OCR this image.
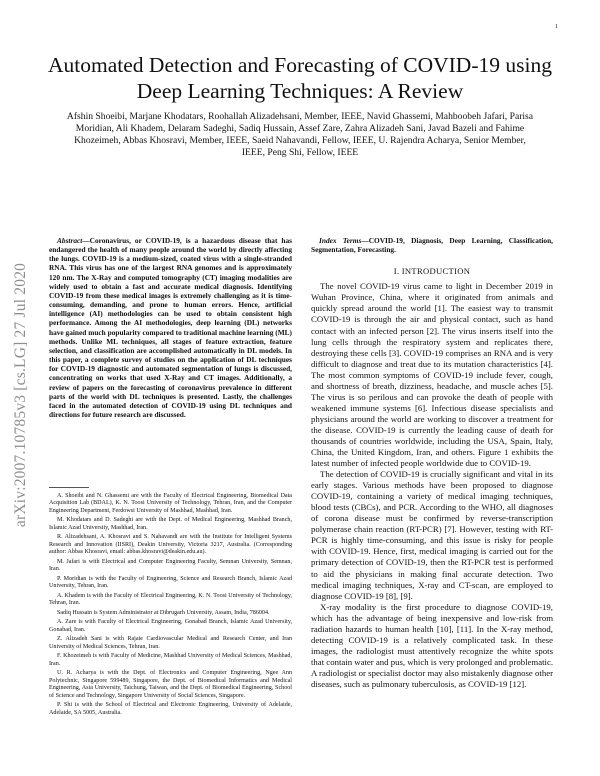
1
arXiv:2007.10785v3 [cs.LG] 27 Jul 2020
Automated Detection and Forecasting of COVID-19 using Deep Learning Techniques: A Review
Afshin Shoeibi, Marjane Khodatars, Roohallah Alizadehsani, Member, IEEE, Navid Ghassemi, Mahboobeh Jafari, Parisa Moridian, Ali Khadem, Delaram Sadeghi, Sadiq Hussain, Assef Zare, Zahra Alizadeh Sani, Javad Bazeli and Fahime Khozeimeh, Abbas Khosravi, Member, IEEE, Saeid Nahavandi, Fellow, IEEE, U. Rajendra Acharya, Senior Member, IEEE, Peng Shi, Fellow, IEEE

Abstract—Coronavirus, or COVID-19, is a hazardous disease that has endangered the health of many people around the world by directly affecting the lungs. COVID-19 is a medium-sized, coated virus with a single-stranded RNA. This virus has one of the largest RNA genomes and is approximately 120 nm. The X-Ray and computed tomography (CT) imaging modalities are widely used to obtain a fast and accurate medical diagnosis. Identifying COVID-19 from these medical images is extremely challenging as it is time-consuming, demanding, and prone to human errors. Hence, artificial intelligence (AI) methodologies can be used to obtain consistent high performance. Among the AI methodologies, deep learning (DL) networks have gained much popularity compared to traditional machine learning (ML) methods. Unlike ML techniques, all stages of feature extraction, feature selection, and classification are accomplished automatically in DL models. In this paper, a complete survey of studies on the application of DL techniques for COVID-19 diagnostic and automated segmentation of lungs is discussed, concentrating on works that used X-Ray and CT images. Additionally, a review of papers on the forecasting of coronavirus prevalence in different parts of the world with DL techniques is presented. Lastly, the challenges faced in the automated detection of COVID-19 using DL techniques and directions for future research are discussed.

A. Shoeibi and N. Ghassemi are with the Faculty of Electrical Engineering, Biomedical Data Acquisition Lab (BDAL), K. N. Toosi University of Technology, Tehran, Iran, and the Computer Engineering Department, Ferdowsi University of Mashhad, Mashhad, Iran.

M. Khodatars and D. Sadeghi are with the Dept. of Medical Engineering, Mashhad Branch, Islamic Azad University, Mashhad, Iran.

R. Alizadehsani, A. Khosravi and S. Nahavandi are with the Institute for Intelligent Systems Research and Innovation (IISRI), Deakin University, Victoria 3217, Australia. (Corresponding author: Abbas Khosravi, email: abbas.khosravi@deakin.edu.au).

M. Jafari is with Electrical and Computer Engineering Faculty, Semnan University, Semnan, Iran.

P. Moridian is with the Faculty of Engineering, Science and Research Branch, Islamic Azad University, Tehran, Iran.

A. Khadem is with the Faculty of Electrical Engineering, K. N. Toosi University of Technology, Tehran, Iran.

Sadiq Hussain is System Administrator at Dibrugarh University, Assam, India, 786004.

A. Zare is with Faculty of Electrical Engineering, Gonabad Branch, Islamic Azad University, Gonabad, Iran.

Z. Alizadeh Sani is with Rajaie Cardiovascular Medical and Research Center, and Iran University of Medical Sciences, Tehran, Iran.

F. Khozeimeh is with Faculty of Medicine, Mashhad University of Medical Sciences, Mashhad, Iran.

U. R. Acharya is with the Dept. of Electronics and Computer Engineering, Ngee Ann Polytechnic, Singapore 599489, Singapore, the Dept. of Biomedical Informatics and Medical Engineering, Asia University, Taichung, Taiwan, and the Dept. of Biomedical Engineering, School of Science and Technology, Singapore University of Social Sciences, Singapore.

P. Shi is with the School of Electrical and Electronic Engineering, University of Adelaide, Adelaide, SA 5005, Australia.

Index Terms—COVID-19, Diagnosis, Deep Learning, Classification, Segmentation, Forecasting.

I. INTRODUCTION

The novel COVID-19 virus came to light in December 2019 in Wuhan Province, China, where it originated from animals and quickly spread around the world [1]. The easiest way to transmit COVID-19 is through the air and physical contact, such as hand contact with an infected person [2]. The virus inserts itself into the lung cells through the respiratory system and replicates there, destroying these cells [3]. COVID-19 comprises an RNA and is very difficult to diagnose and treat due to its mutation characteristics [4]. The most common symptoms of COVID-19 include fever, cough, and shortness of breath, dizziness, headache, and muscle aches [5]. The virus is so perilous and can provoke the death of people with weakened immune systems [6]. Infectious disease specialists and physicians around the world are working to discover a treatment for the disease. COVID-19 is currently the leading cause of death for thousands of countries worldwide, including the USA, Spain, Italy, China, the United Kingdom, Iran, and others. Figure 1 exhibits the latest number of infected people worldwide due to COVID-19.

The detection of COVID-19 is crucially significant and vital in its early stages. Various methods have been proposed to diagnose COVID-19, containing a variety of medical imaging techniques, blood tests (CBCs), and PCR. According to the WHO, all diagnoses of corona disease must be confirmed by reverse-transcription polymerase chain reaction (RT-PCR) [7]. However, testing with RT-PCR is highly time-consuming, and this issue is risky for people with COVID-19. Hence, first, medical imaging is carried out for the primary detection of COVID-19, then the RT-PCR test is performed to aid the physicians in making final accurate detection. Two medical imaging techniques, X-ray and CT-scan, are employed to diagnose COVID-19 [8], [9].

X-ray modality is the first procedure to diagnose COVID-19, which has the advantage of being inexpensive and low-risk from radiation hazards to human health [10], [11]. In the X-ray method, detecting COVID-19 is a relatively complicated task. In these images, the radiologist must attentively recognize the white spots that contain water and pus, which is very prolonged and problematic. A radiologist or specialist doctor may also mistakenly diagnose other diseases, such as pulmonary tuberculosis, as COVID-19 [12].
